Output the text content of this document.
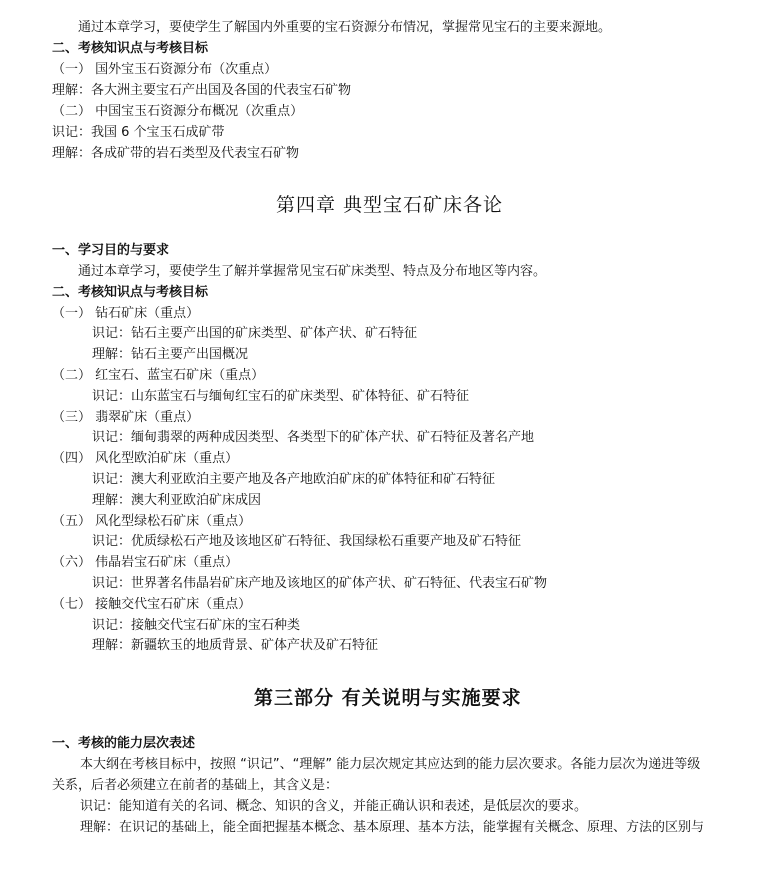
通过本章学习，要使学生了解国内外重要的宝石资源分布情况，掌握常见宝石的主要来源地。
二、考核知识点与考核目标
（一） 国外宝玉石资源分布（次重点）
理解：各大洲主要宝石产出国及各国的代表宝石矿物
（二） 中国宝玉石资源分布概况（次重点）
识记：我国 6 个宝玉石成矿带
理解：各成矿带的岩石类型及代表宝石矿物
第四章 典型宝石矿床各论
一、学习目的与要求
通过本章学习，要使学生了解并掌握常见宝石矿床类型、特点及分布地区等内容。
二、考核知识点与考核目标
（一） 钻石矿床（重点）
识记：钻石主要产出国的矿床类型、矿体产状、矿石特征
理解：钻石主要产出国概况
（二） 红宝石、蓝宝石矿床（重点）
识记：山东蓝宝石与缅甸红宝石的矿床类型、矿体特征、矿石特征
（三） 翡翠矿床（重点）
识记：缅甸翡翠的两种成因类型、各类型下的矿体产状、矿石特征及著名产地
（四） 风化型欧泊矿床（重点）
识记：澳大利亚欧泊主要产地及各产地欧泊矿床的矿体特征和矿石特征
理解：澳大利亚欧泊矿床成因
（五） 风化型绿松石矿床（重点）
识记：优质绿松石产地及该地区矿石特征、我国绿松石重要产地及矿石特征
（六） 伟晶岩宝石矿床（重点）
识记：世界著名伟晶岩矿床产地及该地区的矿体产状、矿石特征、代表宝石矿物
（七） 接触交代宝石矿床（重点）
识记：接触交代宝石矿床的宝石种类
理解：新疆软玉的地质背景、矿体产状及矿石特征
第三部分 有关说明与实施要求
一、考核的能力层次表述
本大纲在考核目标中，按照 “识记”、“理解” 能力层次规定其应达到的能力层次要求。各能力层次为递进等级
关系，后者必须建立在前者的基础上，其含义是：
识记：能知道有关的名词、概念、知识的含义，并能正确认识和表述，是低层次的要求。
理解：在识记的基础上，能全面把握基本概念、基本原理、基本方法，能掌握有关概念、原理、方法的区别与
